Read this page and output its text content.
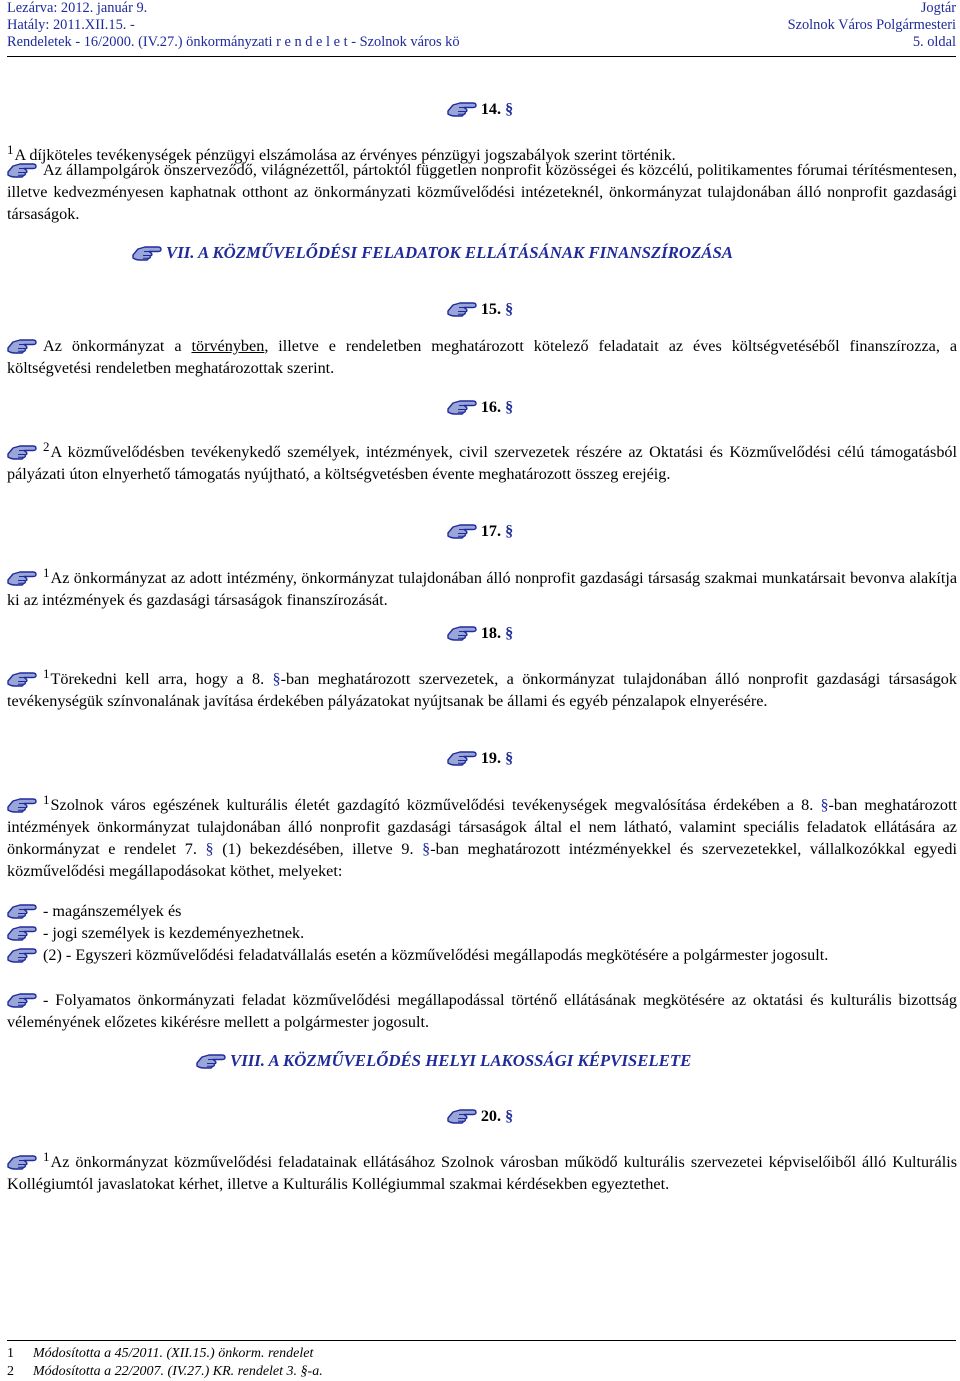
Lezárva: 2012. január 9.	Jogtár
Hatály: 2011.XII.15. -	Szolnok Város Polgármesteri
Rendeletek - 16/2000. (IV.27.) önkormányzati r e n d e l e t - Szolnok város kö	5. oldal
14. §
$^1$A díjköteles tevékenységek pénzügyi elszámolása az érvényes pénzügyi jogszabályok szerint történik.
Az állampolgárok önszerveződő, világnézettől, pártoktól független nonprofit közösségei és közcélú, politikamentes fórumai térítésmentesen, illetve kedvezményesen kaphatnak otthont az önkormányzati közművelődési intézeteknél, önkormányzat tulajdonában álló nonprofit gazdasági társaságok.
VII. A KÖZMŰVELŐDÉSI FELADATOK ELLÁTÁSÁNAK FINANSZÍROZÁSA
15. §
Az önkormányzat a törvényben, illetve e rendeletben meghatározott kötelező feladatait az éves költségvetéséből finanszírozza, a költségvetési rendeletben meghatározottak szerint.
16. §
$^2$A közművelődésben tevékenykedő személyek, intézmények, civil szervezetek részére az Oktatási és Közművelődési célú támogatásból pályázati úton elnyerhető támogatás nyújtható, a költségvetésben évente meghatározott összeg erejéig.
17. §
$^1$Az önkormányzat az adott intézmény, önkormányzat tulajdonában álló nonprofit gazdasági társaság szakmai munkatársait bevonva alakítja ki az intézmények és gazdasági társaságok finanszírozását.
18. §
$^1$Törekedni kell arra, hogy a 8. §-ban meghatározott szervezetek, a önkormányzat tulajdonában álló nonprofit gazdasági társaságok tevékenységük színvonalának javítása érdekében pályázatokat nyújtsanak be állami és egyéb pénzalapok elnyerésére.
19. §
$^1$Szolnok város egészének kulturális életét gazdagító közművelődési tevékenységek megvalósítása érdekében a 8. §-ban meghatározott intézmények önkormányzat tulajdonában álló nonprofit gazdasági társaságok által el nem látható, valamint speciális feladatok ellátására az önkormányzat e rendelet 7. § (1) bekezdésében, illetve 9. §-ban meghatározott intézményekkel és szervezetekkel, vállalkozókkal egyedi közművelődési megállapodásokat köthet, melyeket:
- magánszemélyek és
- jogi személyek is kezdeményezhetnek.
(2) - Egyszeri közművelődési feladatvállalás esetén a közművelődési megállapodás megkötésére a polgármester jogosult.
- Folyamatos önkormányzati feladat közművelődési megállapodással történő ellátásának megkötésére az oktatási és kulturális bizottság véleményének előzetes kikérésre mellett a polgármester jogosult.
VIII. A KÖZMŰVELŐDÉS HELYI LAKOSSÁGI KÉPVISELETE
20. §
$^1$Az önkormányzat közművelődési feladatainak ellátásához Szolnok városban működő kulturális szervezetei képviselőiből álló Kulturális Kollégiumtól javaslatokat kérhet, illetve a Kulturális Kollégiummal szakmai kérdésekben egyeztethet.
1 Módosította a 45/2011. (XII.15.) önkorm. rendelet
2 Módosította a 22/2007. (IV.27.) KR. rendelet 3. §-a.
